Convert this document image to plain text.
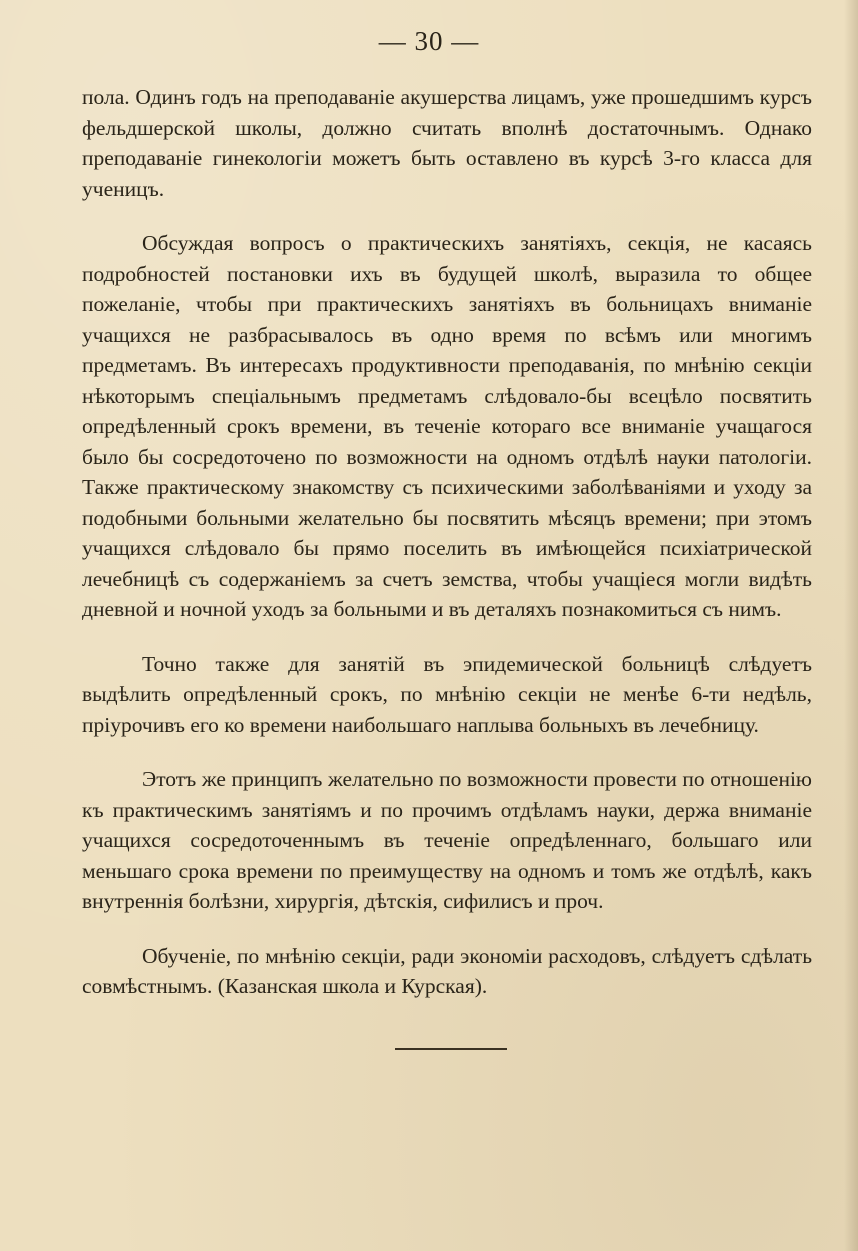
— 30 —

пола. Одинъ годъ на преподаванiе акушерства лицамъ, уже прошедшимъ курсъ фельдшерской школы, должно считать вполнѣ достаточнымъ. Однако преподаванiе гинекологiи можетъ быть оставлено въ курсѣ 3-го класса для ученицъ.

Обсуждая вопросъ о практическихъ занятiяхъ, секцiя, не касаясь подробностей постановки ихъ въ будущей школѣ, выразила то общее пожеланiе, чтобы при практическихъ занятiяхъ въ больницахъ вниманiе учащихся не разбрасывалось въ одно время по всѣмъ или многимъ предметамъ. Въ интересахъ продуктивности преподаванiя, по мнѣнiю секцiи нѣкоторымъ спецiальнымъ предметамъ слѣдовало-бы всецѣло посвятить опредѣленный срокъ времени, въ теченiе котораго все вниманiе учащагося было бы сосредоточено по возможности на одномъ отдѣлѣ науки патологiи. Также практическому знакомству съ психическими заболѣванiями и уходу за подобными больными желательно бы посвятить мѣсяцъ времени; при этомъ учащихся слѣдовало бы прямо поселить въ имѣющейся психiатрической лечебницѣ съ содержанiемъ за счетъ земства, чтобы учащiеся могли видѣть дневной и ночной уходъ за больными и въ деталяхъ познакомиться съ нимъ.

Точно также для занятiй въ эпидемической больницѣ слѣдуетъ выдѣлить опредѣленный срокъ, по мнѣнiю секцiи не менѣе 6-ти недѣль, прiурочивъ его ко времени наибольшаго наплыва больныхъ въ лечебницу.

Этотъ же принципъ желательно по возможности провести по отношенiю къ практическимъ занятiямъ и по прочимъ отдѣламъ науки, держа вниманiе учащихся сосредоточеннымъ въ теченiе опредѣленнаго, большаго или меньшаго срока времени по преимуществу на одномъ и томъ же отдѣлѣ, какъ внутреннiя болѣзни, хирургiя, дѣтскiя, сифилисъ и проч.

Обученiе, по мнѣнiю секцiи, ради экономiи расходовъ, слѣдуетъ сдѣлать совмѣстнымъ. (Казанская школа и Курская).
